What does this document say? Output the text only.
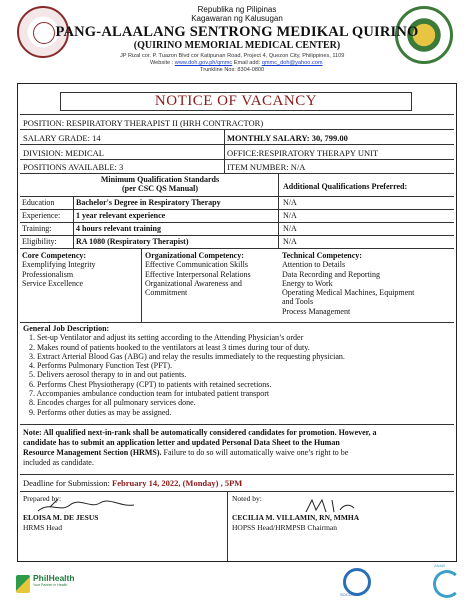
Republika ng Pilipinas
Kagawaran ng Kalusugan
PANG-ALAALANG SENTRONG MEDIKAL QUIRINO
(QUIRINO MEMORIAL MEDICAL CENTER)
JP Rizal cor. P. Tuazon Blvd cor Katipunan Road, Project 4, Quezon City, Philippines, 1109
Website : www.doh.gov.ph/qmmc Email add: qmmc_doh@yahoo.com
Trunkline Nos: 8304-0800
NOTICE OF VACANCY
POSITION: RESPIRATORY THERAPIST II (HRH CONTRACTOR)
SALARY GRADE: 14	MONTHLY SALARY: 30, 799.00
DIVISION: MEDICAL	OFFICE:RESPIRATORY THERAPY UNIT
POSITIONS AVAILABLE: 3	ITEM NUMBER: N/A
Minimum Qualification Standards
(per CSC QS Manual)	Additional Qualifications Preferred:
Education	Bachelor's Degree in Respiratory Therapy	N/A
Experience: 1 year relevant experience	N/A
Training:	4 hours relevant training	N/A
Eligibility: RA 1080 (Respiratory Therapist)	N/A
Core Competency:
Exemplifying Integrity
Professionalism
Service Excellence
Organizational Competency:
Effective Communication Skills
Effective Interpersonal Relations
Organizational Awareness and
Commitment
Technical Competency:
Attention to Details
Data Recording and Reporting
Energy to Work
Operating Medical Machines, Equipment
and Tools
Process Management
General Job Description:
1. Set-up Ventilator and adjust its setting according to the Attending Physician’s order
2. Makes round of patients hooked to the ventilators at least 3 times during tour of duty.
3. Extract Arterial Blood Gas (ABG) and relay the results immediately to the requesting physician.
4. Performs Pulmonary Function Test (PFT).
5. Delivers aerosol therapy to in and out patients.
6. Performs Chest Physiotherapy (CPT) to patients with retained secretions.
7. Accompanies ambulance conduction team for intubated patient transport
8. Encodes charges for all pulmonary services done.
9. Performs other duties as may be assigned.
Note: All qualified next-in-rank shall be automatically considered candidates for promotion. However, a
candidate has to submit an application letter and updated Personal Data Sheet to the Human
Resource Management Section (HRMS). Failure to do so will automatically waive one’s right to be
included as candidate.
Deadline for Submission: February 14, 2022, (Monday) , 5PM
Prepared by:
ELOISA M. DE JESUS
HRMS Head
Noted by:
CECILIA M. VILLAMIN, RN, MMHA
HOPSS Head/HRMPSB Chairman
PhilHealth
Your Partner in Health
SOCOTEC
ANAB
